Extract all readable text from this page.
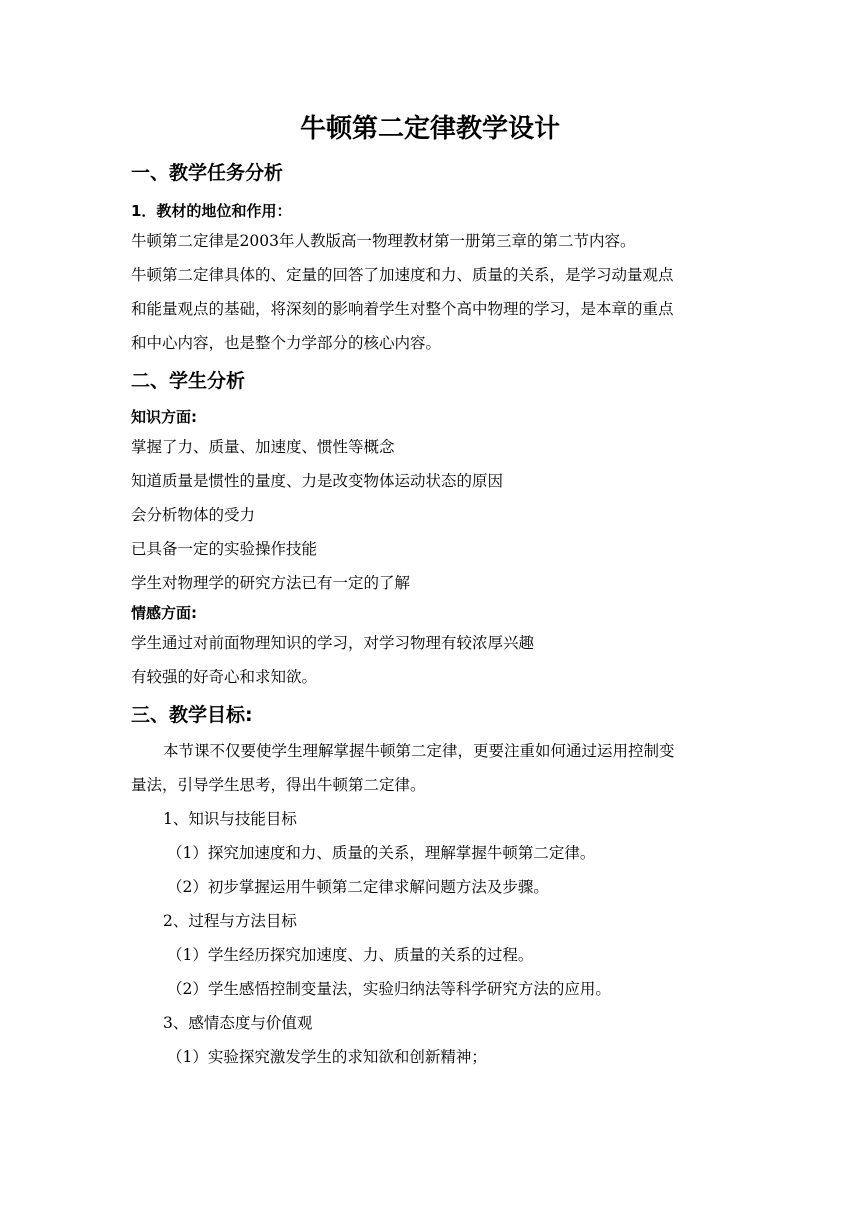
牛顿第二定律教学设计
一、教学任务分析
1．教材的地位和作用：
牛顿第二定律是2003年人教版高一物理教材第一册第三章的第二节内容。
牛顿第二定律具体的、定量的回答了加速度和力、质量的关系，是学习动量观点
和能量观点的基础，将深刻的影响着学生对整个高中物理的学习，是本章的重点
和中心内容，也是整个力学部分的核心内容。
二、学生分析
知识方面:
掌握了力、质量、加速度、惯性等概念
知道质量是惯性的量度、力是改变物体运动状态的原因
会分析物体的受力
已具备一定的实验操作技能
学生对物理学的研究方法已有一定的了解
情感方面:
学生通过对前面物理知识的学习，对学习物理有较浓厚兴趣
有较强的好奇心和求知欲。
三、教学目标:
本节课不仅要使学生理解掌握牛顿第二定律，更要注重如何通过运用控制变
量法，引导学生思考，得出牛顿第二定律。
1、知识与技能目标
（1）探究加速度和力、质量的关系，理解掌握牛顿第二定律。
（2）初步掌握运用牛顿第二定律求解问题方法及步骤。
2、过程与方法目标
（1）学生经历探究加速度、力、质量的关系的过程。
（2）学生感悟控制变量法，实验归纳法等科学研究方法的应用。
3、感情态度与价值观
（1）实验探究激发学生的求知欲和创新精神；
